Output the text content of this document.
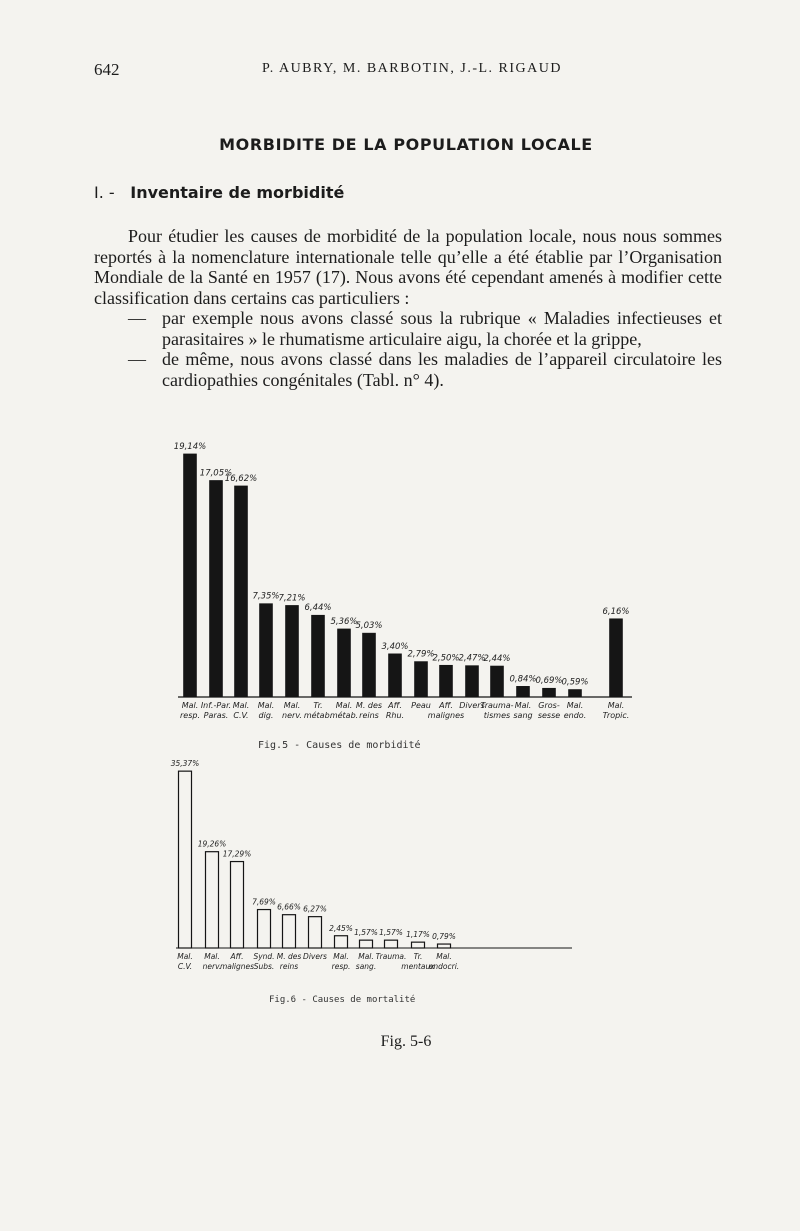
642	P. AUBRY, M. BARBOTIN, J.-L. RIGAUD
MORBIDITE DE LA POPULATION LOCALE
I. - Inventaire de morbidité

Pour étudier les causes de morbidité de la population locale, nous nous sommes reportés à la nomenclature internationale telle qu’elle a été établie par l’Organisation Mondiale de la Santé en 1957 (17). Nous avons été cependant amenés à modifier cette classification dans certains cas particuliers :

— par exemple nous avons classé sous la rubrique « Maladies infectieuses et parasitaires » le rhumatisme articulaire aigu, la chorée et la grippe,
— de même, nous avons classé dans les maladies de l’appareil circulatoire les cardiopathies congénitales (Tabl. n° 4).
19,14%
Mal.
resp.
17,05%
Inf.-Par.
Paras.
16,62%
Mal.
C.V.
7,35%
Mal.
dig.
7,21%
Mal.
nerv.
6,44%
Tr.
métab.
5,36%
Mal.
métab.
5,03%
M. des
reins
3,40%
Aff.
Rhu.
2,79%
Peau
2,50%
Aff.
malignes
2,47%
Divers
2,44%
Trauma-
tismes
0,84%
Mal.
sang
0,69%
Gros-
sesse
0,59%
Mal.
endo.
6,16%
Mal.
Tropic.
35,37%
Mal.
C.V.
19,26%
Mal.
nerv.
17,29%
Aff.
malignes
7,69%
Synd.
Subs.
6,66%
M. des
reins
6,27%
Divers
2,45%
Mal.
resp.
1,57%
Mal.
sang.
1,57%
Trauma.
1,17%
Tr.
mentaux
0,79%
Mal.
endocri.
Fig.5 - Causes de morbidité
Fig.6 - Causes de mortalité
Fig. 5-6
